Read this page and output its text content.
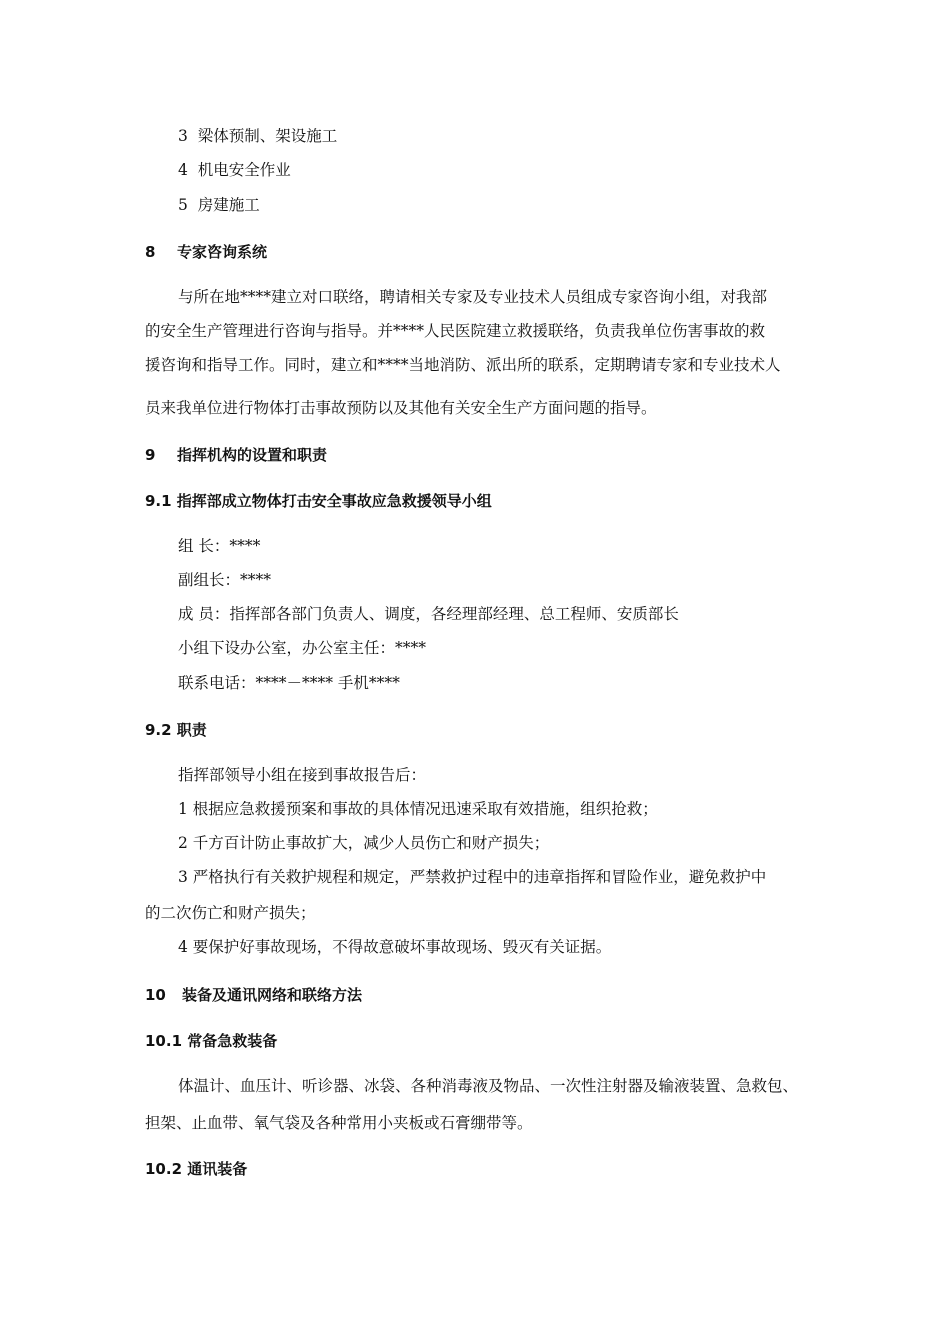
3 梁体预制、架设施工
4 机电安全作业
5 房建施工
8 专家咨询系统
与所在地****建立对口联络，聘请相关专家及专业技术人员组成专家咨询小组，对我部
的安全生产管理进行咨询与指导。并****人民医院建立救援联络，负责我单位伤害事故的救
援咨询和指导工作。同时，建立和****当地消防、派出所的联系，定期聘请专家和专业技术人
员来我单位进行物体打击事故预防以及其他有关安全生产方面问题的指导。
9 指挥机构的设置和职责
9.1 指挥部成立物体打击安全事故应急救援领导小组
组 长：****
副组长：****
成 员：指挥部各部门负责人、调度，各经理部经理、总工程师、安质部长
小组下设办公室，办公室主任：****
联系电话：****－**** 手机****
9.2 职责
指挥部领导小组在接到事故报告后：
1 根据应急救援预案和事故的具体情况迅速采取有效措施，组织抢救；
2 千方百计防止事故扩大，减少人员伤亡和财产损失；
3 严格执行有关救护规程和规定，严禁救护过程中的违章指挥和冒险作业，避免救护中
的二次伤亡和财产损失；
4 要保护好事故现场，不得故意破坏事故现场、毁灭有关证据。
10 装备及通讯网络和联络方法
10.1 常备急救装备
体温计、血压计、听诊器、冰袋、各种消毒液及物品、一次性注射器及输液装置、急救包、
担架、止血带、氧气袋及各种常用小夹板或石膏绷带等。
10.2 通讯装备
